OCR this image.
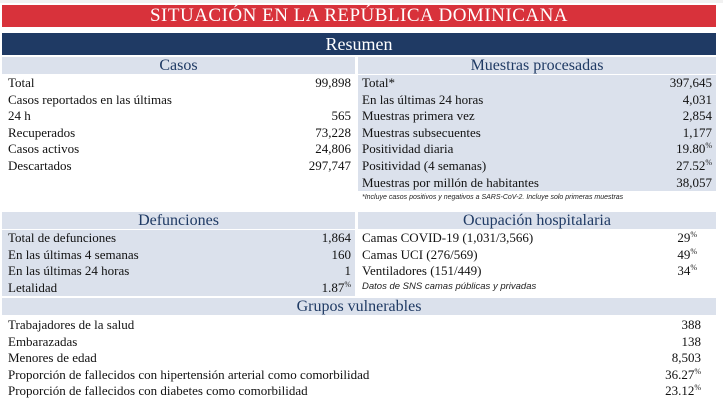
SITUACIÓN EN LA REPÚBLICA DOMINICANA
Resumen
Casos
Total	99,898
Casos reportados en las últimas
24 h	565
Recuperados	73,228
Casos activos	24,806
Descartados	297,747
Muestras procesadas
Total*	397,645
En las últimas 24 horas	4,031
Muestras primera vez	2,854
Muestras subsecuentes	1,177
Positividad diaria	19.80%
Positividad (4 semanas)	27.52%
Muestras por millón de habitantes	38,057
*Incluye casos positivos y negativos a SARS-CoV-2. Incluye solo primeras muestras
Defunciones
Total de defunciones	1,864
En las últimas 4 semanas	160
En las últimas 24 horas	1
Letalidad	1.87%
Ocupación hospitalaria
Camas COVID-19 (1,031/3,566)	29%
Camas UCI (276/569)	49%
Ventiladores (151/449)	34%
Datos de SNS camas públicas y privadas
Grupos vulnerables
Trabajadores de la salud	388
Embarazadas	138
Menores de edad	8,503
Proporción de fallecidos con hipertensión arterial como comorbilidad	36.27%
Proporción de fallecidos con diabetes como comorbilidad	23.12%
